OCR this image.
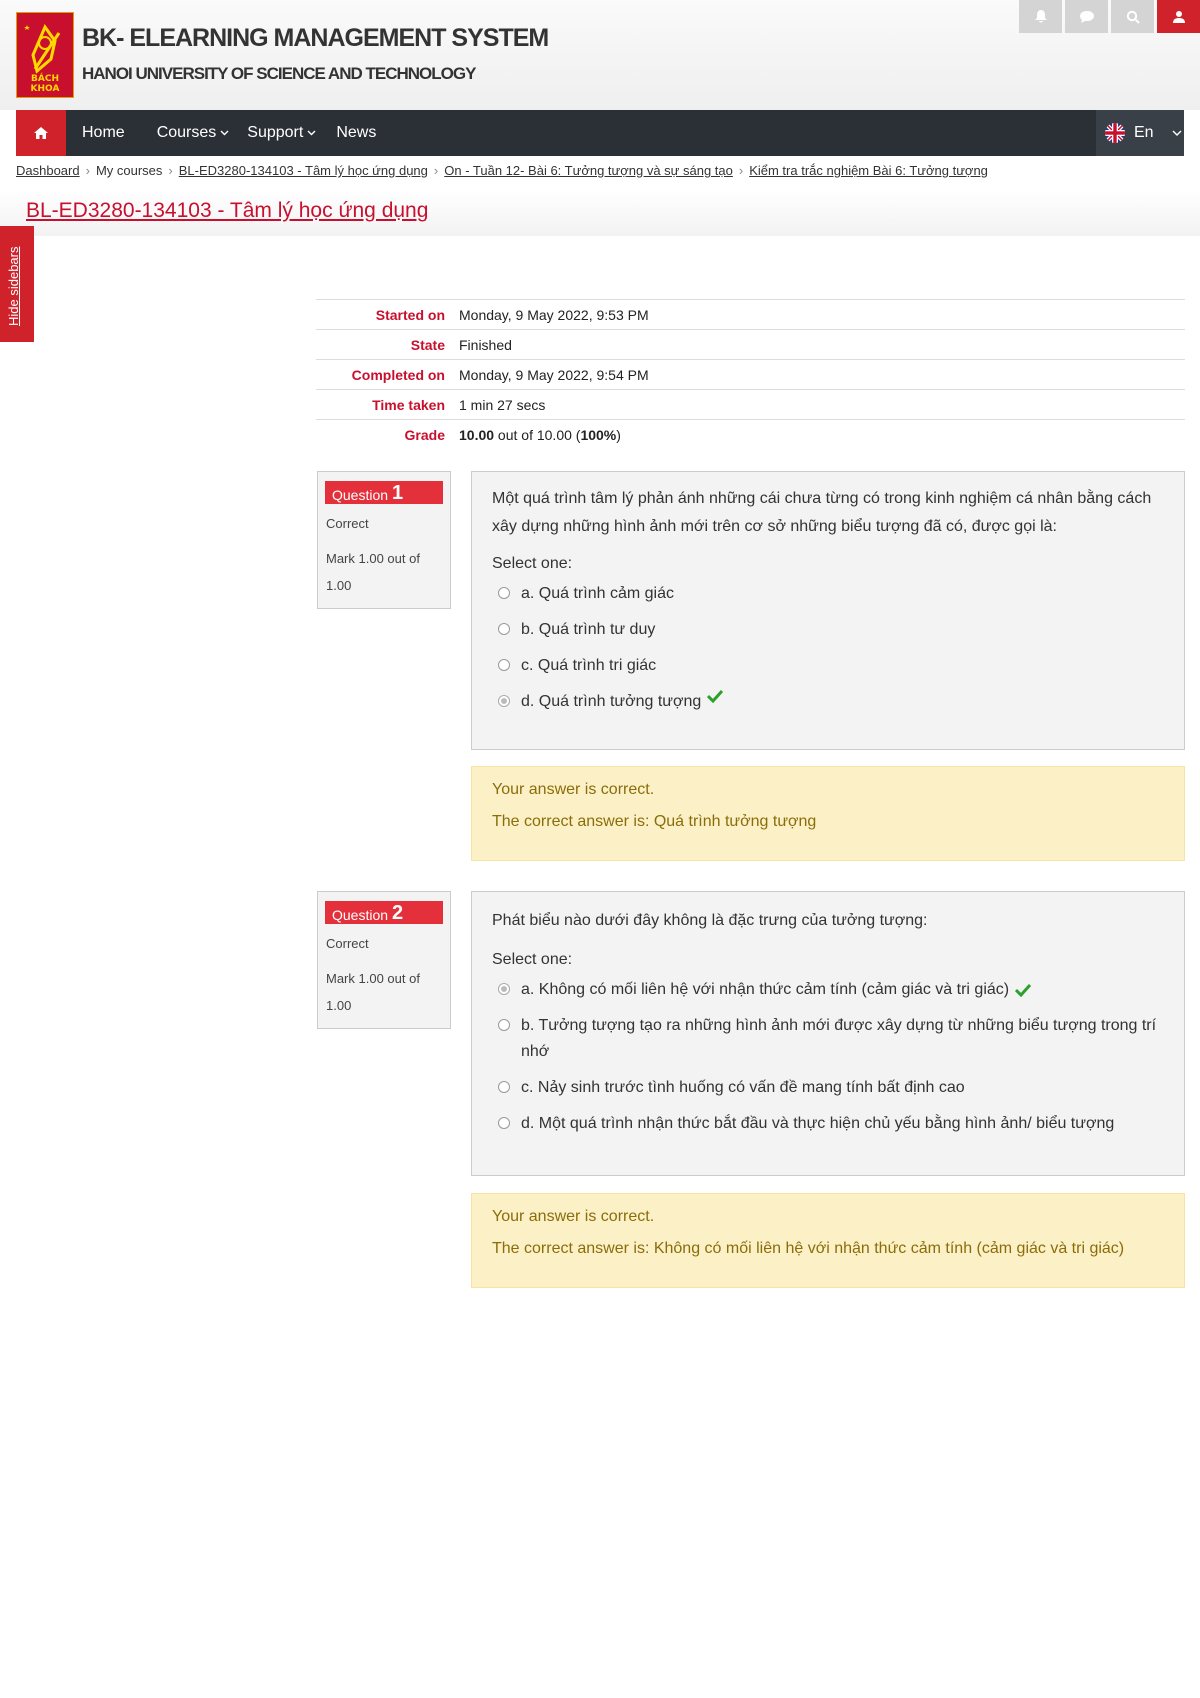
BÁCH KHOA
BK- ELEARNING MANAGEMENT SYSTEM
HANOI UNIVERSITY OF SCIENCE AND TECHNOLOGY
Home Courses Support News	En
Dashboard › My courses › BL-ED3280-134103 - Tâm lý học ứng dụng › On - Tuần 12- Bài 6: Tưởng tượng và sự sáng tạo › Kiểm tra trắc nghiệm Bài 6: Tưởng tượng
BL-ED3280-134103 - Tâm lý học ứng dụng
Hide sidebars	Started on	Monday, 9 May 2022, 9:53 PM
State	Finished
Completed on	Monday, 9 May 2022, 9:54 PM
Time taken	1 min 27 secs
Grade	10.00 out of 10.00 (100%)
Question 1
Correct
Mark 1.00 out of 1.00
Một quá trình tâm lý phản ánh những cái chưa từng có trong kinh nghiệm cá nhân bằng cách xây dựng những hình ảnh mới trên cơ sở những biểu tượng đã có, được gọi là:
Select one:
a. Quá trình cảm giác
b. Quá trình tư duy
c. Quá trình tri giác
d. Quá trình tưởng tượng
Your answer is correct.
The correct answer is: Quá trình tưởng tượng
Question 2
Correct
Mark 1.00 out of 1.00
Phát biểu nào dưới đây không là đặc trưng của tưởng tượng:
Select one:
a. Không có mối liên hệ với nhận thức cảm tính (cảm giác và tri giác)
b. Tưởng tượng tạo ra những hình ảnh mới được xây dựng từ những biểu tượng trong trí nhớ
c. Nảy sinh trước tình huống có vấn đề mang tính bất định cao
d. Một quá trình nhận thức bắt đầu và thực hiện chủ yếu bằng hình ảnh/ biểu tượng
Your answer is correct.
The correct answer is: Không có mối liên hệ với nhận thức cảm tính (cảm giác và tri giác)
